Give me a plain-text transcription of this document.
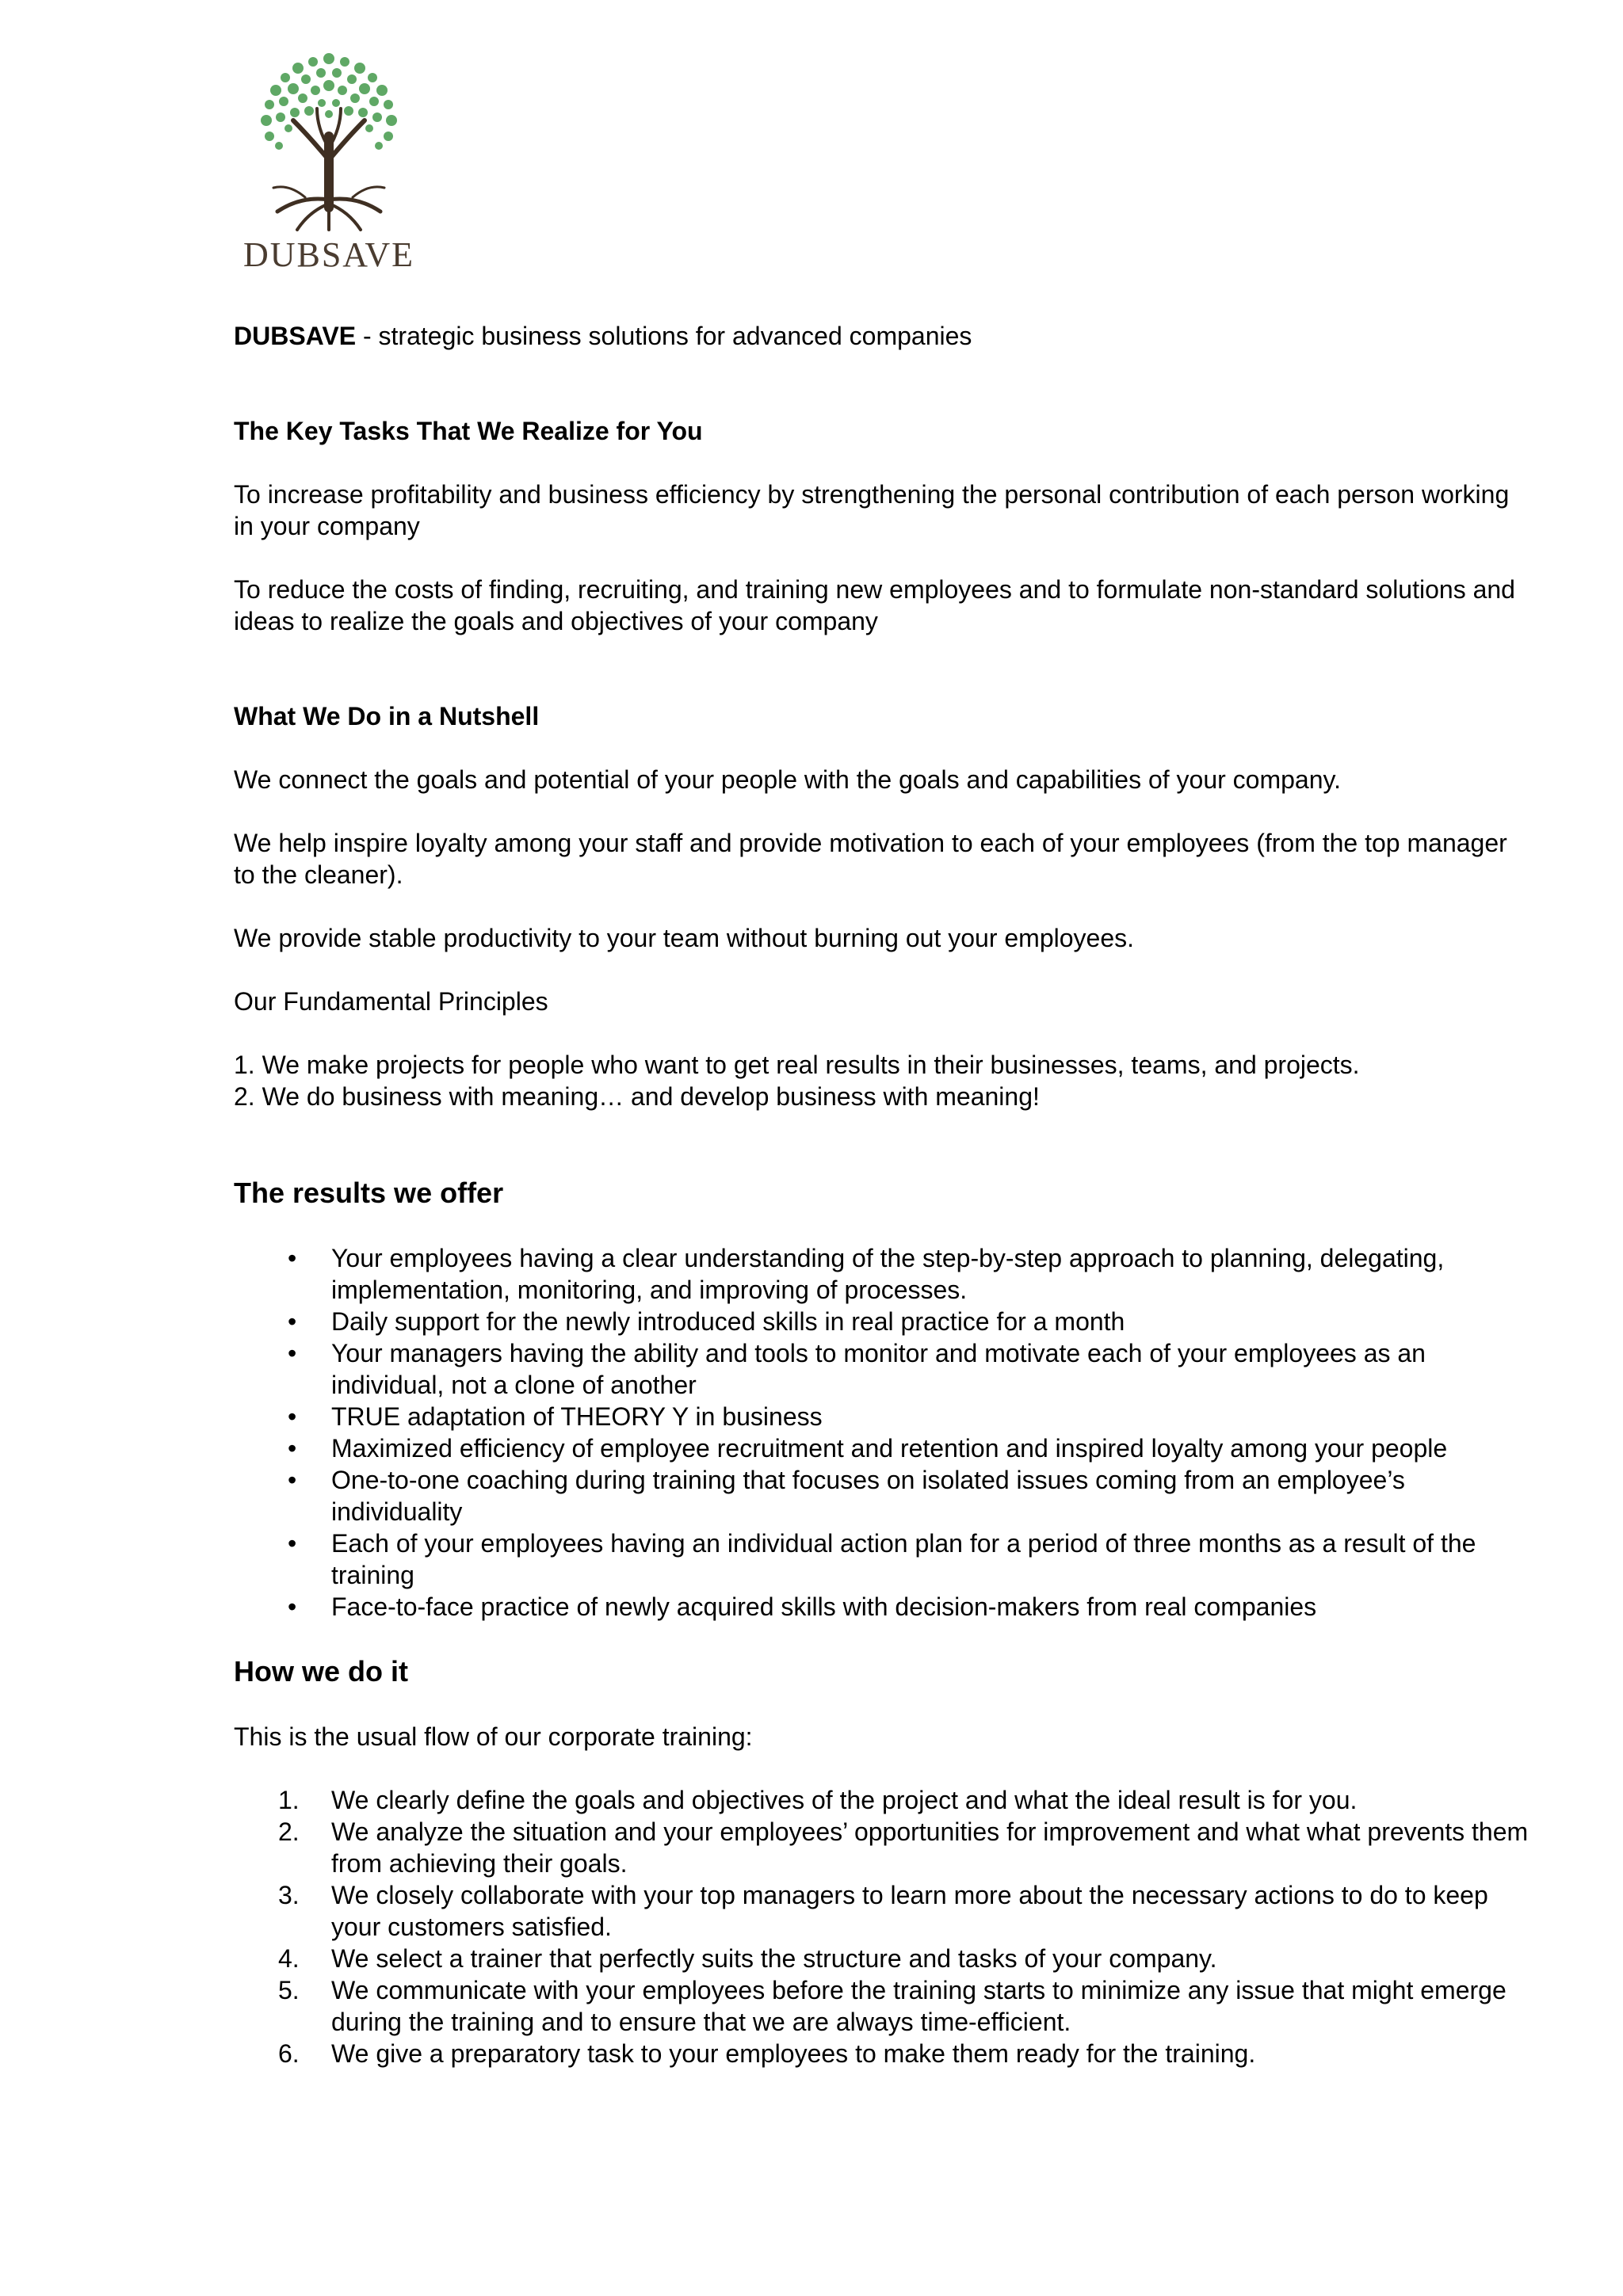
DUBSAVE

DUBSAVE - strategic business solutions for advanced companies

The Key Tasks That We Realize for You

To increase profitability and business efficiency by strengthening the personal contribution of each person working in your company

To reduce the costs of finding, recruiting, and training new employees and to formulate non-standard solutions and ideas to realize the goals and objectives of your company

What We Do in a Nutshell

We connect the goals and potential of your people with the goals and capabilities of your company.

We help inspire loyalty among your staff and provide motivation to each of your employees (from the top manager to the cleaner).

We provide stable productivity to your team without burning out your employees.

Our Fundamental Principles

1. We make projects for people who want to get real results in their businesses, teams, and projects.

2. We do business with meaning… and develop business with meaning!

The results we offer

• Your employees having a clear understanding of the step-by-step approach to planning, delegating, implementation, monitoring, and improving of processes.
• Daily support for the newly introduced skills in real practice for a month
• Your managers having the ability and tools to monitor and motivate each of your employees as an individual, not a clone of another
• TRUE adaptation of THEORY Y in business
• Maximized efficiency of employee recruitment and retention and inspired loyalty among your people
• One-to-one coaching during training that focuses on isolated issues coming from an employee’s individuality
• Each of your employees having an individual action plan for a period of three months as a result of the training
• Face-to-face practice of newly acquired skills with decision-makers from real companies

How we do it

This is the usual flow of our corporate training:

1. We clearly define the goals and objectives of the project and what the ideal result is for you.
2. We analyze the situation and your employees’ opportunities for improvement and what what prevents them from achieving their goals.
3. We closely collaborate with your top managers to learn more about the necessary actions to do to keep your customers satisfied.
4. We select a trainer that perfectly suits the structure and tasks of your company.
5. We communicate with your employees before the training starts to minimize any issue that might emerge during the training and to ensure that we are always time-efficient.
6. We give a preparatory task to your employees to make them ready for the training.
